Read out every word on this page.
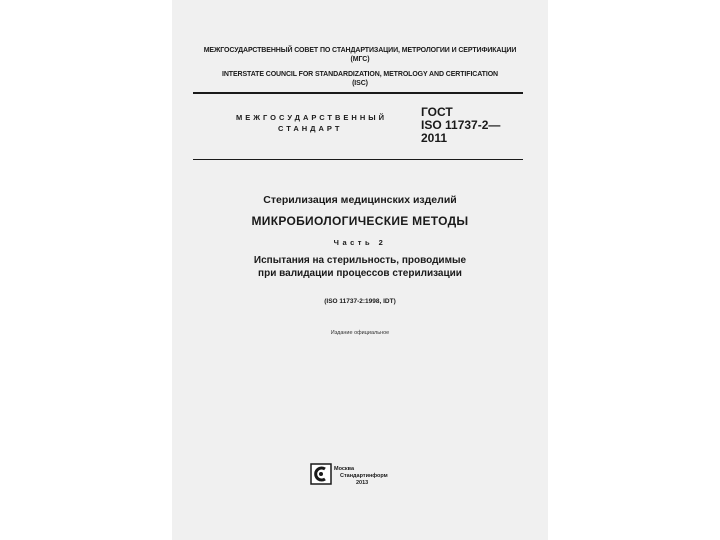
МЕЖГОСУДАРСТВЕННЫЙ СОВЕТ ПО СТАНДАРТИЗАЦИИ, МЕТРОЛОГИИ И СЕРТИФИКАЦИИ
(МГС)
INTERSTATE COUNCIL FOR STANDARDIZATION, METROLOGY AND CERTIFICATION
(ISC)
МЕЖГОСУДАРСТВЕННЫЙ
СТАНДАРТ
ГОСТ
ISO 11737-2—
2011
Стерилизация медицинских изделий
МИКРОБИОЛОГИЧЕСКИЕ МЕТОДЫ
Часть 2
Испытания на стерильность, проводимые
при валидации процессов стерилизации
(ISO 11737-2:1998, IDT)
Издание официальное
Москва
Стандартинформ
2013
